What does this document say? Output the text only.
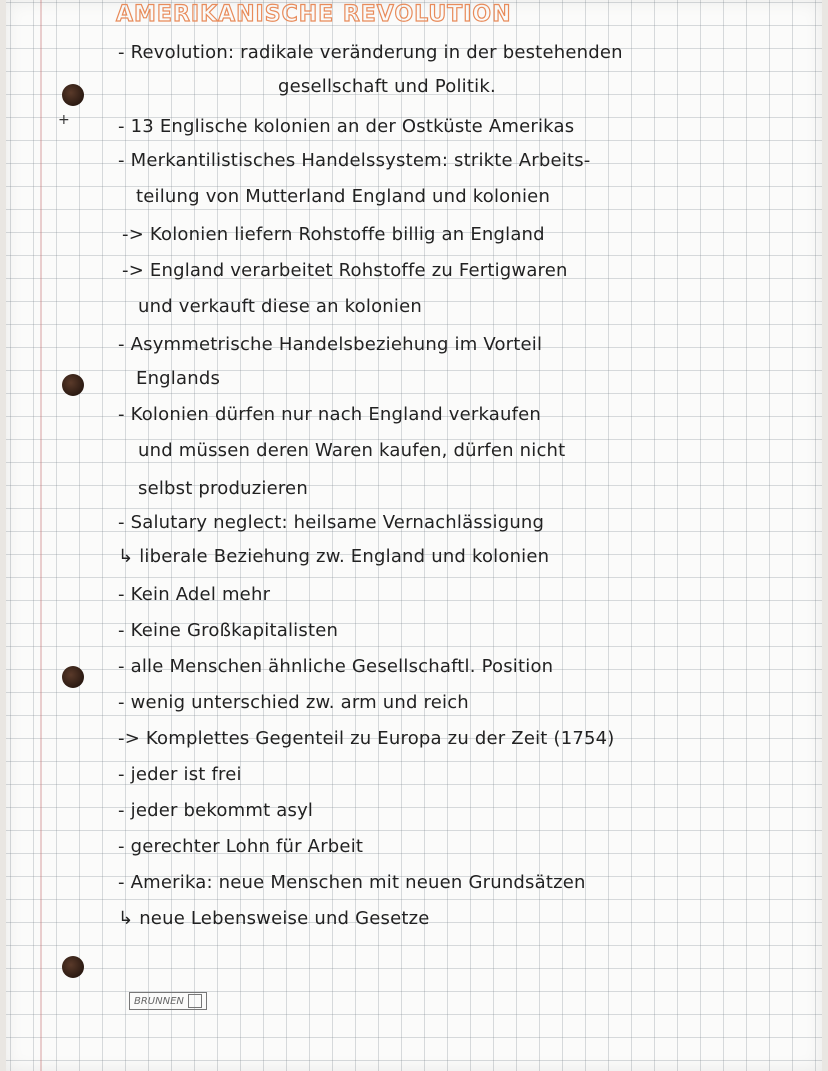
+
AMERIKANISCHE REVOLUTION
- Revolution: radikale veränderung in der bestehenden
gesellschaft und Politik.
- 13 Englische kolonien an der Ostküste Amerikas
- Merkantilistisches Handelssystem: strikte Arbeits-
teilung von Mutterland England und kolonien
-> Kolonien liefern Rohstoffe billig an England
-> England verarbeitet Rohstoffe zu Fertigwaren
und verkauft diese an kolonien
- Asymmetrische Handelsbeziehung im Vorteil
Englands
- Kolonien dürfen nur nach England verkaufen
und müssen deren Waren kaufen, dürfen nicht
selbst produzieren
- Salutary neglect: heilsame Vernachlässigung
↳ liberale Beziehung zw. England und kolonien
- Kein Adel mehr
- Keine Großkapitalisten
- alle Menschen ähnliche Gesellschaftl. Position
- wenig unterschied zw. arm und reich
-> Komplettes Gegenteil zu Europa zu der Zeit (1754)
- jeder ist frei
- jeder bekommt asyl
- gerechter Lohn für Arbeit
- Amerika: neue Menschen mit neuen Grundsätzen
↳ neue Lebensweise und Gesetze
BRUNNEN
